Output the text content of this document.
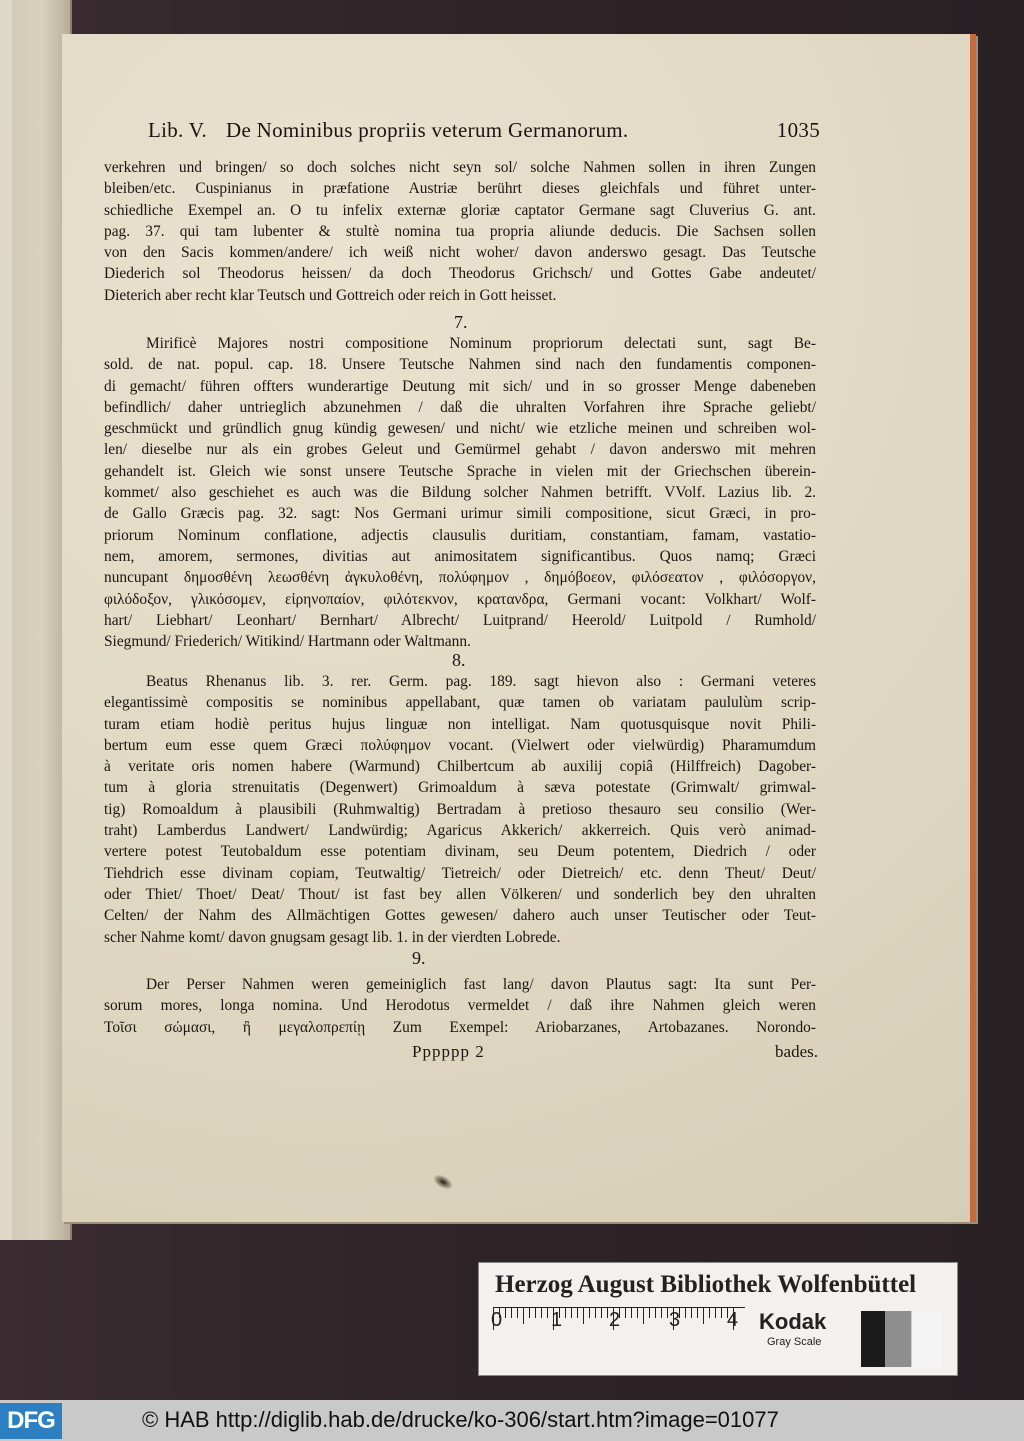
Lib. V. De Nominibus propriis veterum Germanorum.	1035
verkehren und bringen/ so doch solches nicht seyn sol/ solche Nahmen sollen in ihren Zungen
bleiben/etc. Cuspinianus in præfatione Austriæ berührt dieses gleichfals und führet unter-
schiedliche Exempel an. O tu infelix externæ gloriæ captator Germane sagt Cluverius G. ant.
pag. 37. qui tam lubenter & stultè nomina tua propria aliunde deducis. Die Sachsen sollen
von den Sacis kommen/andere/ ich weiß nicht woher/ davon anderswo gesagt. Das Teutsche
Diederich sol Theodorus heissen/ da doch Theodorus Grichsch/ und Gottes Gabe andeutet/
Dieterich aber recht klar Teutsch und Gottreich oder reich in Gott heisset.
7.
Mirificè Majores nostri compositione Nominum propriorum delectati sunt, sagt Be-
sold. de nat. popul. cap. 18. Unsere Teutsche Nahmen sind nach den fundamentis componen-
di gemacht/ führen offters wunderartige Deutung mit sich/ und in so grosser Menge dabeneben
befindlich/ daher untrieglich abzunehmen / daß die uhralten Vorfahren ihre Sprache geliebt/
geschmückt und gründlich gnug kündig gewesen/ und nicht/ wie etzliche meinen und schreiben wol-
len/ dieselbe nur als ein grobes Geleut und Gemürmel gehabt / davon anderswo mit mehren
gehandelt ist. Gleich wie sonst unsere Teutsche Sprache in vielen mit der Griechschen überein-
kommet/ also geschiehet es auch was die Bildung solcher Nahmen betrifft. VVolf. Lazius lib. 2.
de Gallo Græcis pag. 32. sagt: Nos Germani urimur simili compositione, sicut Græci, in pro-
priorum Nominum conflatione, adjectis clausulis duritiam, constantiam, famam, vastatio-
nem, amorem, sermones, divitias aut animositatem significantibus. Quos namq; Græci
nuncupant δημοσθένη λεωσθένη ἀγκυλοθένη, πολύφημον , δημόβοεον, φιλόσεατον , φιλόσοργον,
φιλόδοξον, γλικόσομεν, εἰρηνοπαίον, φιλότεκνον, κρατανδρα, Germani vocant: Volkhart/ Wolf-
hart/ Liebhart/ Leonhart/ Bernhart/ Albrecht/ Luitprand/ Heerold/ Luitpold / Rumhold/
Siegmund/ Friederich/ Witikind/ Hartmann oder Waltmann.
8.
Beatus Rhenanus lib. 3. rer. Germ. pag. 189. sagt hievon also : Germani veteres
elegantissimè compositis se nominibus appellabant, quæ tamen ob variatam paululùm scrip-
turam etiam hodiè peritus hujus linguæ non intelligat. Nam quotusquisque novit Phili-
bertum eum esse quem Græci πολύφημον vocant. (Vielwert oder vielwürdig) Pharamumdum
à veritate oris nomen habere (Warmund) Chilbertcum ab auxilij copiâ (Hilffreich) Dagober-
tum à gloria strenuitatis (Degenwert) Grimoaldum à sæva potestate (Grimwalt/ grimwal-
tig) Romoaldum à plausibili (Ruhmwaltig) Bertradam à pretioso thesauro seu consilio (Wer-
traht) Lamberdus Landwert/ Landwürdig; Agaricus Akkerich/ akkerreich. Quis verò animad-
vertere potest Teutobaldum esse potentiam divinam, seu Deum potentem, Diedrich / oder
Tiehdrich esse divinam copiam, Teutwaltig/ Tietreich/ oder Dietreich/ etc. denn Theut/ Deut/
oder Thiet/ Thoet/ Deat/ Thout/ ist fast bey allen Völkeren/ und sonderlich bey den uhralten
Celten/ der Nahm des Allmächtigen Gottes gewesen/ dahero auch unser Teutischer oder Teut-
scher Nahme komt/ davon gnugsam gesagt lib. 1. in der vierdten Lobrede.
9.
Der Perser Nahmen weren gemeiniglich fast lang/ davon Plautus sagt: Ita sunt Per-
sorum mores, longa nomina. Und Herodotus vermeldet / daß ihre Nahmen gleich weren
Τοῖσι σώμασι, ἢ μεγαλοπρεπίῃ Zum Exempel: Ariobarzanes, Artobazanes. Norondo-
Pppppp 2	bades.
Herzog August Bibliothek Wolfenbüttel
0 1 2 3 4 Kodak
Gray Scale
DFG	© HAB http://diglib.hab.de/drucke/ko-306/start.htm?image=01077
